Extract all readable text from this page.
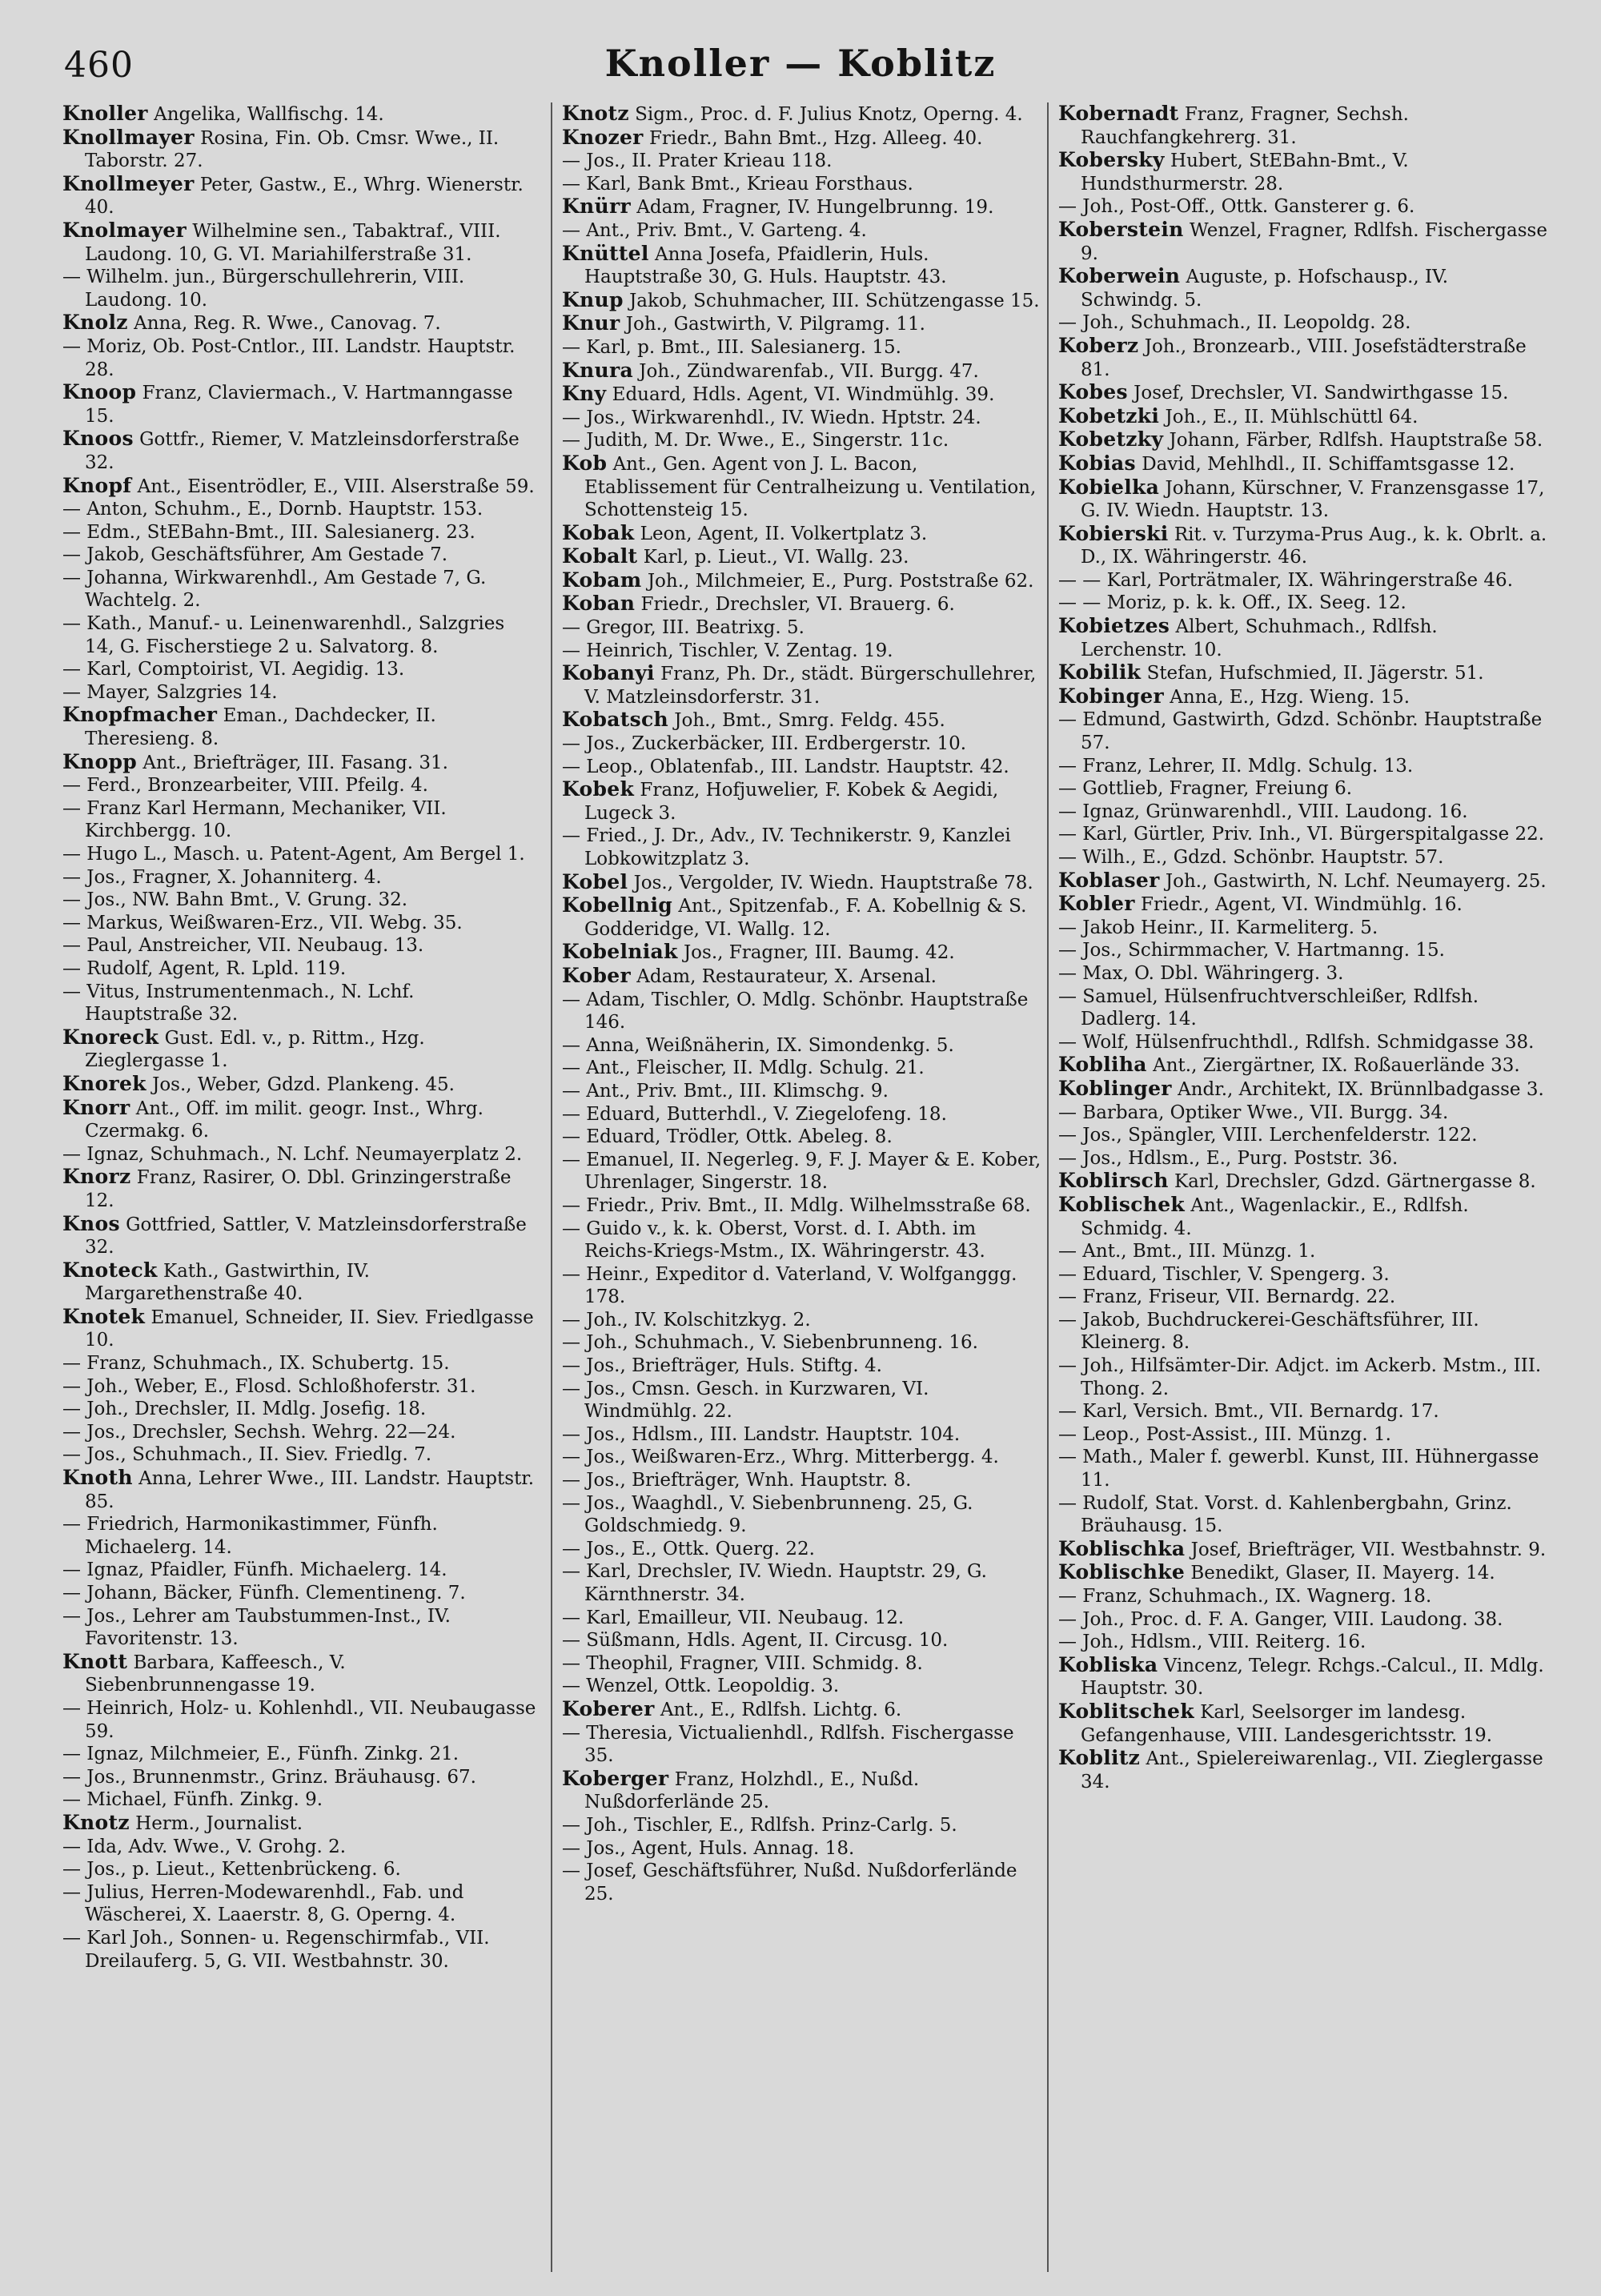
460	Knoller — Koblitz

Knoller Angelika, Wallfischg. 14.

Knollmayer Rosina, Fin. Ob. Cmsr. Wwe., II. Taborstr. 27.

Knollmeyer Peter, Gastw., E., Whrg. Wienerstr. 40.

Knolmayer Wilhelmine sen., Tabaktraf., VIII. Laudong. 10, G. VI. Mariahilferstraße 31.

— Wilhelm. jun., Bürgerschullehrerin, VIII. Laudong. 10.

Knolz Anna, Reg. R. Wwe., Canovag. 7.

— Moriz, Ob. Post-Cntlor., III. Landstr. Hauptstr. 28.

Knoop Franz, Claviermach., V. Hartmanngasse 15.

Knoos Gottfr., Riemer, V. Matzleinsdorferstraße 32.

Knopf Ant., Eisentrödler, E., VIII. Alserstraße 59.

— Anton, Schuhm., E., Dornb. Hauptstr. 153.

— Edm., StEBahn-Bmt., III. Salesianerg. 23.

— Jakob, Geschäftsführer, Am Gestade 7.

— Johanna, Wirkwarenhdl., Am Gestade 7, G. Wachtelg. 2.

— Kath., Manuf.- u. Leinenwarenhdl., Salzgries 14, G. Fischerstiege 2 u. Salvatorg. 8.

— Karl, Comptoirist, VI. Aegidig. 13.

— Mayer, Salzgries 14.

Knopfmacher Eman., Dachdecker, II. Theresieng. 8.

Knopp Ant., Briefträger, III. Fasang. 31.

— Ferd., Bronzearbeiter, VIII. Pfeilg. 4.

— Franz Karl Hermann, Mechaniker, VII. Kirchbergg. 10.

— Hugo L., Masch. u. Patent-Agent, Am Bergel 1.

— Jos., Fragner, X. Johanniterg. 4.

— Jos., NW. Bahn Bmt., V. Grung. 32.

— Markus, Weißwaren-Erz., VII. Webg. 35.

— Paul, Anstreicher, VII. Neubaug. 13.

— Rudolf, Agent, R. Lpld. 119.

— Vitus, Instrumentenmach., N. Lchf. Hauptstraße 32.

Knoreck Gust. Edl. v., p. Rittm., Hzg. Zieglergasse 1.

Knorek Jos., Weber, Gdzd. Plankeng. 45.

Knorr Ant., Off. im milit. geogr. Inst., Whrg. Czermakg. 6.

— Ignaz, Schuhmach., N. Lchf. Neumayerplatz 2.

Knorz Franz, Rasirer, O. Dbl. Grinzingerstraße 12.

Knos Gottfried, Sattler, V. Matzleinsdorferstraße 32.

Knoteck Kath., Gastwirthin, IV. Margarethenstraße 40.

Knotek Emanuel, Schneider, II. Siev. Friedlgasse 10.

— Franz, Schuhmach., IX. Schubertg. 15.

— Joh., Weber, E., Flosd. Schloßhoferstr. 31.

— Joh., Drechsler, II. Mdlg. Josefig. 18.

— Jos., Drechsler, Sechsh. Wehrg. 22—24.

— Jos., Schuhmach., II. Siev. Friedlg. 7.

Knoth Anna, Lehrer Wwe., III. Landstr. Hauptstr. 85.

— Friedrich, Harmonikastimmer, Fünfh. Michaelerg. 14.

— Ignaz, Pfaidler, Fünfh. Michaelerg. 14.

— Johann, Bäcker, Fünfh. Clementineng. 7.

— Jos., Lehrer am Taubstummen-Inst., IV. Favoritenstr. 13.

Knott Barbara, Kaffeesch., V. Siebenbrunnengasse 19.

— Heinrich, Holz- u. Kohlenhdl., VII. Neubaugasse 59.

— Ignaz, Milchmeier, E., Fünfh. Zinkg. 21.

— Jos., Brunnenmstr., Grinz. Bräuhausg. 67.

— Michael, Fünfh. Zinkg. 9.

Knotz Herm., Journalist.

— Ida, Adv. Wwe., V. Grohg. 2.

— Jos., p. Lieut., Kettenbrückeng. 6.

— Julius, Herren-Modewarenhdl., Fab. und Wäscherei, X. Laaerstr. 8, G. Operng. 4.

— Karl Joh., Sonnen- u. Regenschirmfab., VII. Dreilauferg. 5, G. VII. Westbahnstr. 30.

Knotz Sigm., Proc. d. F. Julius Knotz, Operng. 4.

Knozer Friedr., Bahn Bmt., Hzg. Alleeg. 40.

— Jos., II. Prater Krieau 118.

— Karl, Bank Bmt., Krieau Forsthaus.

Knürr Adam, Fragner, IV. Hungelbrunng. 19.

— Ant., Priv. Bmt., V. Garteng. 4.

Knüttel Anna Josefa, Pfaidlerin, Huls. Hauptstraße 30, G. Huls. Hauptstr. 43.

Knup Jakob, Schuhmacher, III. Schützengasse 15.

Knur Joh., Gastwirth, V. Pilgramg. 11.

— Karl, p. Bmt., III. Salesianerg. 15.

Knura Joh., Zündwarenfab., VII. Burgg. 47.

Kny Eduard, Hdls. Agent, VI. Windmühlg. 39.

— Jos., Wirkwarenhdl., IV. Wiedn. Hptstr. 24.

— Judith, M. Dr. Wwe., E., Singerstr. 11c.

Kob Ant., Gen. Agent von J. L. Bacon, Etablissement für Centralheizung u. Ventilation, Schottensteig 15.

Kobak Leon, Agent, II. Volkertplatz 3.

Kobalt Karl, p. Lieut., VI. Wallg. 23.

Kobam Joh., Milchmeier, E., Purg. Poststraße 62.

Koban Friedr., Drechsler, VI. Brauerg. 6.

— Gregor, III. Beatrixg. 5.

— Heinrich, Tischler, V. Zentag. 19.

Kobanyi Franz, Ph. Dr., städt. Bürgerschullehrer, V. Matzleinsdorferstr. 31.

Kobatsch Joh., Bmt., Smrg. Feldg. 455.

— Jos., Zuckerbäcker, III. Erdbergerstr. 10.

— Leop., Oblatenfab., III. Landstr. Hauptstr. 42.

Kobek Franz, Hofjuwelier, F. Kobek & Aegidi, Lugeck 3.

— Fried., J. Dr., Adv., IV. Technikerstr. 9, Kanzlei Lobkowitzplatz 3.

Kobel Jos., Vergolder, IV. Wiedn. Hauptstraße 78.

Kobellnig Ant., Spitzenfab., F. A. Kobellnig & S. Godderidge, VI. Wallg. 12.

Kobelniak Jos., Fragner, III. Baumg. 42.

Kober Adam, Restaurateur, X. Arsenal.

— Adam, Tischler, O. Mdlg. Schönbr. Hauptstraße 146.

— Anna, Weißnäherin, IX. Simondenkg. 5.

— Ant., Fleischer, II. Mdlg. Schulg. 21.

— Ant., Priv. Bmt., III. Klimschg. 9.

— Eduard, Butterhdl., V. Ziegelofeng. 18.

— Eduard, Trödler, Ottk. Abeleg. 8.

— Emanuel, II. Negerleg. 9, F. J. Mayer & E. Kober, Uhrenlager, Singerstr. 18.

— Friedr., Priv. Bmt., II. Mdlg. Wilhelmsstraße 68.

— Guido v., k. k. Oberst, Vorst. d. I. Abth. im Reichs-Kriegs-Mstm., IX. Währingerstr. 43.

— Heinr., Expeditor d. Vaterland, V. Wolfganggg. 178.

— Joh., IV. Kolschitzkyg. 2.

— Joh., Schuhmach., V. Siebenbrunneng. 16.

— Jos., Briefträger, Huls. Stiftg. 4.

— Jos., Cmsn. Gesch. in Kurzwaren, VI. Windmühlg. 22.

— Jos., Hdlsm., III. Landstr. Hauptstr. 104.

— Jos., Weißwaren-Erz., Whrg. Mitterbergg. 4.

— Jos., Briefträger, Wnh. Hauptstr. 8.

— Jos., Waaghdl., V. Siebenbrunneng. 25, G. Goldschmiedg. 9.

— Jos., E., Ottk. Querg. 22.

— Karl, Drechsler, IV. Wiedn. Hauptstr. 29, G. Kärnthnerstr. 34.

— Karl, Emailleur, VII. Neubaug. 12.

— Süßmann, Hdls. Agent, II. Circusg. 10.

— Theophil, Fragner, VIII. Schmidg. 8.

— Wenzel, Ottk. Leopoldig. 3.

Koberer Ant., E., Rdlfsh. Lichtg. 6.

— Theresia, Victualienhdl., Rdlfsh. Fischergasse 35.

Koberger Franz, Holzhdl., E., Nußd. Nußdorferlände 25.

— Joh., Tischler, E., Rdlfsh. Prinz-Carlg. 5.

— Jos., Agent, Huls. Annag. 18.

— Josef, Geschäftsführer, Nußd. Nußdorferlände 25.

Kobernadt Franz, Fragner, Sechsh. Rauchfangkehrerg. 31.

Kobersky Hubert, StEBahn-Bmt., V. Hundsthurmerstr. 28.

— Joh., Post-Off., Ottk. Gansterer g. 6.

Koberstein Wenzel, Fragner, Rdlfsh. Fischergasse 9.

Koberwein Auguste, p. Hofschausp., IV. Schwindg. 5.

— Joh., Schuhmach., II. Leopoldg. 28.

Koberz Joh., Bronzearb., VIII. Josefstädterstraße 81.

Kobes Josef, Drechsler, VI. Sandwirthgasse 15.

Kobetzki Joh., E., II. Mühlschüttl 64.

Kobetzky Johann, Färber, Rdlfsh. Hauptstraße 58.

Kobias David, Mehlhdl., II. Schiffamtsgasse 12.

Kobielka Johann, Kürschner, V. Franzensgasse 17, G. IV. Wiedn. Hauptstr. 13.

Kobierski Rit. v. Turzyma-Prus Aug., k. k. Obrlt. a. D., IX. Währingerstr. 46.

— — Karl, Porträtmaler, IX. Währingerstraße 46.

— — Moriz, p. k. k. Off., IX. Seeg. 12.

Kobietzes Albert, Schuhmach., Rdlfsh. Lerchenstr. 10.

Kobilik Stefan, Hufschmied, II. Jägerstr. 51.

Kobinger Anna, E., Hzg. Wieng. 15.

— Edmund, Gastwirth, Gdzd. Schönbr. Hauptstraße 57.

— Franz, Lehrer, II. Mdlg. Schulg. 13.

— Gottlieb, Fragner, Freiung 6.

— Ignaz, Grünwarenhdl., VIII. Laudong. 16.

— Karl, Gürtler, Priv. Inh., VI. Bürgerspitalgasse 22.

— Wilh., E., Gdzd. Schönbr. Hauptstr. 57.

Koblaser Joh., Gastwirth, N. Lchf. Neumayerg. 25.

Kobler Friedr., Agent, VI. Windmühlg. 16.

— Jakob Heinr., II. Karmeliterg. 5.

— Jos., Schirmmacher, V. Hartmanng. 15.

— Max, O. Dbl. Währingerg. 3.

— Samuel, Hülsenfruchtverschleißer, Rdlfsh. Dadlerg. 14.

— Wolf, Hülsenfruchthdl., Rdlfsh. Schmidgasse 38.

Kobliha Ant., Ziergärtner, IX. Roßauerlände 33.

Koblinger Andr., Architekt, IX. Brünnlbadgasse 3.

— Barbara, Optiker Wwe., VII. Burgg. 34.

— Jos., Spängler, VIII. Lerchenfelderstr. 122.

— Jos., Hdlsm., E., Purg. Poststr. 36.

Koblirsch Karl, Drechsler, Gdzd. Gärtnergasse 8.

Koblischek Ant., Wagenlackir., E., Rdlfsh. Schmidg. 4.

— Ant., Bmt., III. Münzg. 1.

— Eduard, Tischler, V. Spengerg. 3.

— Franz, Friseur, VII. Bernardg. 22.

— Jakob, Buchdruckerei-Geschäftsführer, III. Kleinerg. 8.

— Joh., Hilfsämter-Dir. Adjct. im Ackerb. Mstm., III. Thong. 2.

— Karl, Versich. Bmt., VII. Bernardg. 17.

— Leop., Post-Assist., III. Münzg. 1.

— Math., Maler f. gewerbl. Kunst, III. Hühnergasse 11.

— Rudolf, Stat. Vorst. d. Kahlenbergbahn, Grinz. Bräuhausg. 15.

Koblischka Josef, Briefträger, VII. Westbahnstr. 9.

Koblischke Benedikt, Glaser, II. Mayerg. 14.

— Franz, Schuhmach., IX. Wagnerg. 18.

— Joh., Proc. d. F. A. Ganger, VIII. Laudong. 38.

— Joh., Hdlsm., VIII. Reiterg. 16.

Kobliska Vincenz, Telegr. Rchgs.-Calcul., II. Mdlg. Hauptstr. 30.

Koblitschek Karl, Seelsorger im landesg. Gefangenhause, VIII. Landesgerichtsstr. 19.

Koblitz Ant., Spielereiwarenlag., VII. Zieglergasse 34.
